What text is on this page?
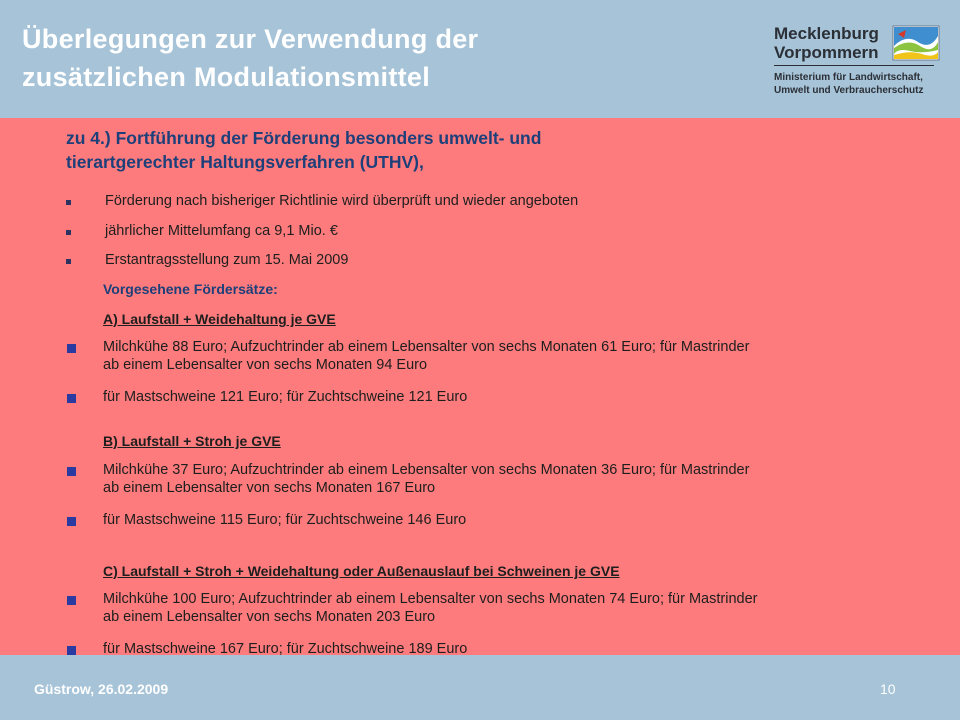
Überlegungen zur Verwendung der
zusätzlichen Modulationsmittel
Mecklenburg
Vorpommern
Ministerium für Landwirtschaft,
Umwelt und Verbraucherschutz
zu 4.) Fortführung der Förderung besonders umwelt- und
tierartgerechter Haltungsverfahren (UTHV),
Förderung nach bisheriger Richtlinie wird überprüft und wieder angeboten
jährlicher Mittelumfang ca 9,1 Mio. €
Erstantragsstellung zum 15. Mai 2009
Vorgesehene Fördersätze:
A) Laufstall + Weidehaltung je GVE
Milchkühe 88 Euro; Aufzuchtrinder ab einem Lebensalter von sechs Monaten 61 Euro; für Mastrinder
ab einem Lebensalter von sechs Monaten 94 Euro
für Mastschweine 121 Euro; für Zuchtschweine 121 Euro
B) Laufstall + Stroh je GVE
Milchkühe 37 Euro; Aufzuchtrinder ab einem Lebensalter von sechs Monaten 36 Euro; für Mastrinder
ab einem Lebensalter von sechs Monaten 167 Euro
für Mastschweine 115 Euro; für Zuchtschweine 146 Euro
C) Laufstall + Stroh + Weidehaltung oder Außenauslauf bei Schweinen je GVE
Milchkühe 100 Euro; Aufzuchtrinder ab einem Lebensalter von sechs Monaten 74 Euro; für Mastrinder
ab einem Lebensalter von sechs Monaten 203 Euro
für Mastschweine 167 Euro; für Zuchtschweine 189 Euro
Güstrow, 26.02.2009	10
